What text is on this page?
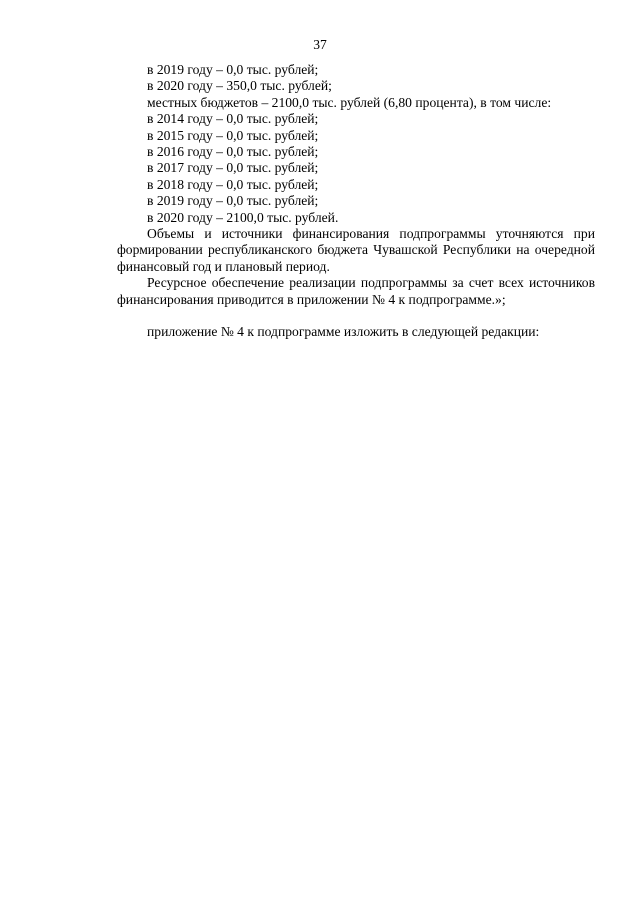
37
в 2019 году – 0,0 тыс. рублей;
в 2020 году – 350,0 тыс. рублей;
местных бюджетов – 2100,0 тыс. рублей (6,80 процента), в том числе:
в 2014 году – 0,0 тыс. рублей;
в 2015 году – 0,0 тыс. рублей;
в 2016 году – 0,0 тыс. рублей;
в 2017 году – 0,0 тыс. рублей;
в 2018 году – 0,0 тыс. рублей;
в 2019 году – 0,0 тыс. рублей;
в 2020 году – 2100,0 тыс. рублей.
Объемы и источники финансирования подпрограммы уточняются при формировании республиканского бюджета Чувашской Республики на очередной финансовый год и плановый период.
Ресурсное обеспечение реализации подпрограммы за счет всех источников финансирования приводится в приложении № 4 к подпрограмме.»;
приложение № 4 к подпрограмме изложить в следующей редакции:
